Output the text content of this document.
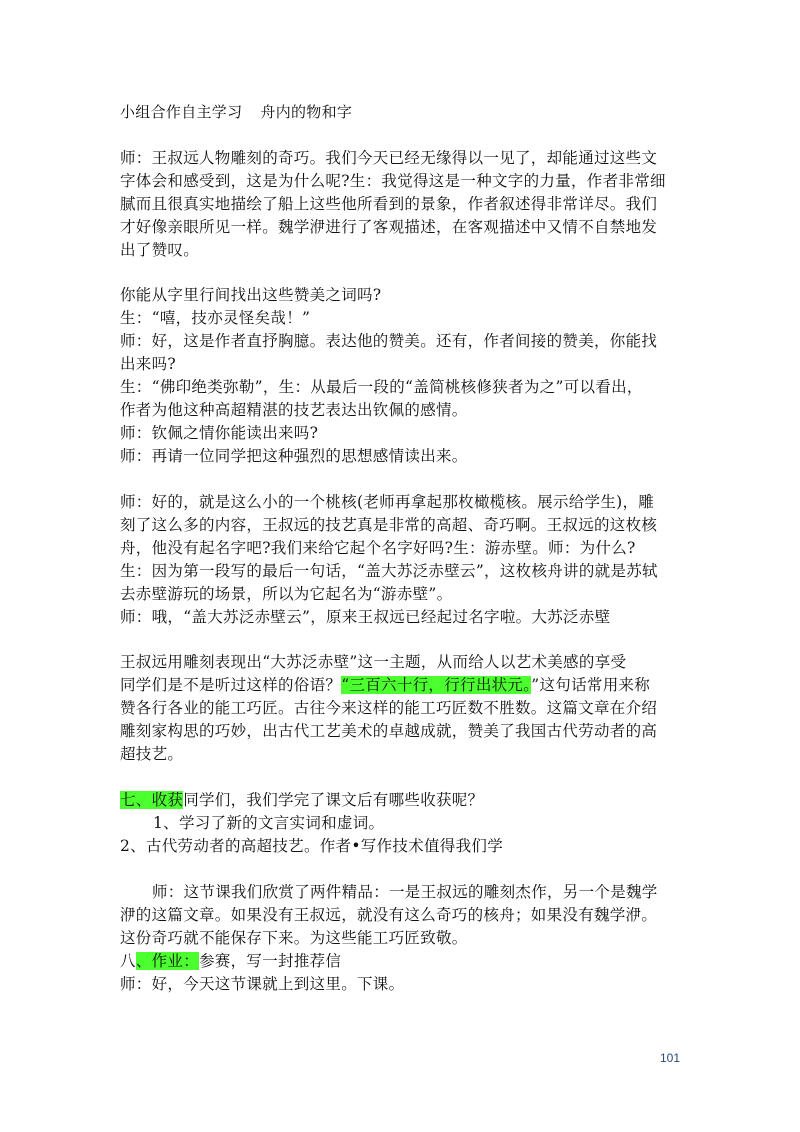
小组合作自主学习 舟内的物和字
师：王叔远人物雕刻的奇巧。我们今天已经无缘得以一见了，却能通过这些文
字体会和感受到，这是为什么呢?生：我觉得这是一种文字的力量，作者非常细
腻而且很真实地描绘了船上这些他所看到的景象，作者叙述得非常详尽。我们
才好像亲眼所见一样。魏学洢进行了客观描述，在客观描述中又情不自禁地发
出了赞叹。
你能从字里行间找出这些赞美之词吗?
生：“嘻，技亦灵怪矣哉！”
师：好，这是作者直抒胸臆。表达他的赞美。还有，作者间接的赞美，你能找
出来吗?
生：“佛印绝类弥勒”，生：从最后一段的“盖简桃核修狭者为之”可以看出，
作者为他这种高超精湛的技艺表达出钦佩的感情。
师：钦佩之情你能读出来吗?
师：再请一位同学把这种强烈的思想感情读出来。
师：好的，就是这么小的一个桃核(老师再拿起那枚橄榄核。展示给学生)，雕
刻了这么多的内容，王叔远的技艺真是非常的高超、奇巧啊。王叔远的这枚核
舟，他没有起名字吧?我们来给它起个名字好吗?生：游赤壁。师：为什么?
生：因为第一段写的最后一句话，“盖大苏泛赤壁云”，这枚核舟讲的就是苏轼
去赤壁游玩的场景，所以为它起名为“游赤壁”。
师：哦，“盖大苏泛赤壁云”，原来王叔远已经起过名字啦。大苏泛赤壁
王叔远用雕刻表现出“大苏泛赤壁”这一主题，从而给人以艺术美感的享受
同学们是不是听过这样的俗语？“三百六十行，行行出状元。”这句话常用来称
赞各行各业的能工巧匠。古往今来这样的能工巧匠数不胜数。这篇文章在介绍
雕刻家构思的巧妙，出古代工艺美术的卓越成就，赞美了我国古代劳动者的高
超技艺。
七、收获同学们，我们学完了课文后有哪些收获呢？
1、学习了新的文言实词和虚词。
2、古代劳动者的高超技艺。作者•写作技术值得我们学
师：这节课我们欣赏了两件精品：一是王叔远的雕刻杰作，另一个是魏学
洢的这篇文章。如果没有王叔远，就没有这么奇巧的核舟；如果没有魏学洢。
这份奇巧就不能保存下来。为这些能工巧匠致敬。
八、作业：参赛，写一封推荐信
师：好，今天这节课就上到这里。下课。
101
